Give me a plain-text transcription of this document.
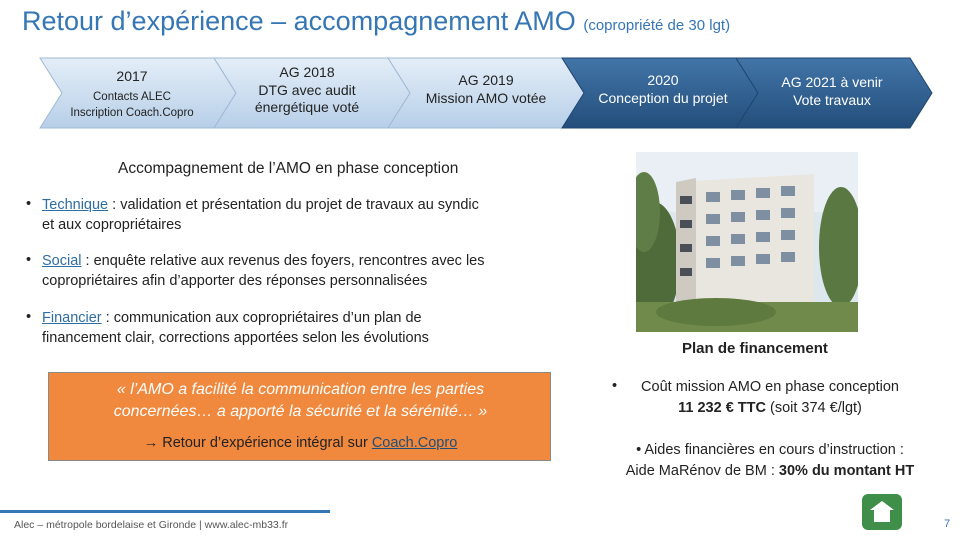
Retour d’expérience – accompagnement AMO (copropriété de 30 lgt)
2017
Contacts ALEC
Inscription Coach.Copro
AG 2018
DTG avec audit
énergétique voté
AG 2019
Mission AMO votée
2020
Conception du projet
AG 2021 à venir
Vote travaux
Accompagnement de l’AMO en phase conception
• Technique : validation et présentation du projet de travaux au syndic
et aux copropriétaires
• Social : enquête relative aux revenus des foyers, rencontres avec les
copropriétaires afin d’apporter des réponses personnalisées
• Financier : communication aux copropriétaires d’un plan de
financement clair, corrections apportées selon les évolutions
« l’AMO a facilité la communication entre les parties
concernées… a apporté la sécurité et la sérénité… »
→ Retour d’expérience intégral sur Coach.Copro
Plan de financement
•	Coût mission AMO en phase conception
11 232 € TTC (soit 374 €/lgt)
• Aides financières en cours d’instruction :
Aide MaRénov de BM : 30% du montant HT
Alec – métropole bordelaise et Gironde | www.alec-mb33.fr	7
